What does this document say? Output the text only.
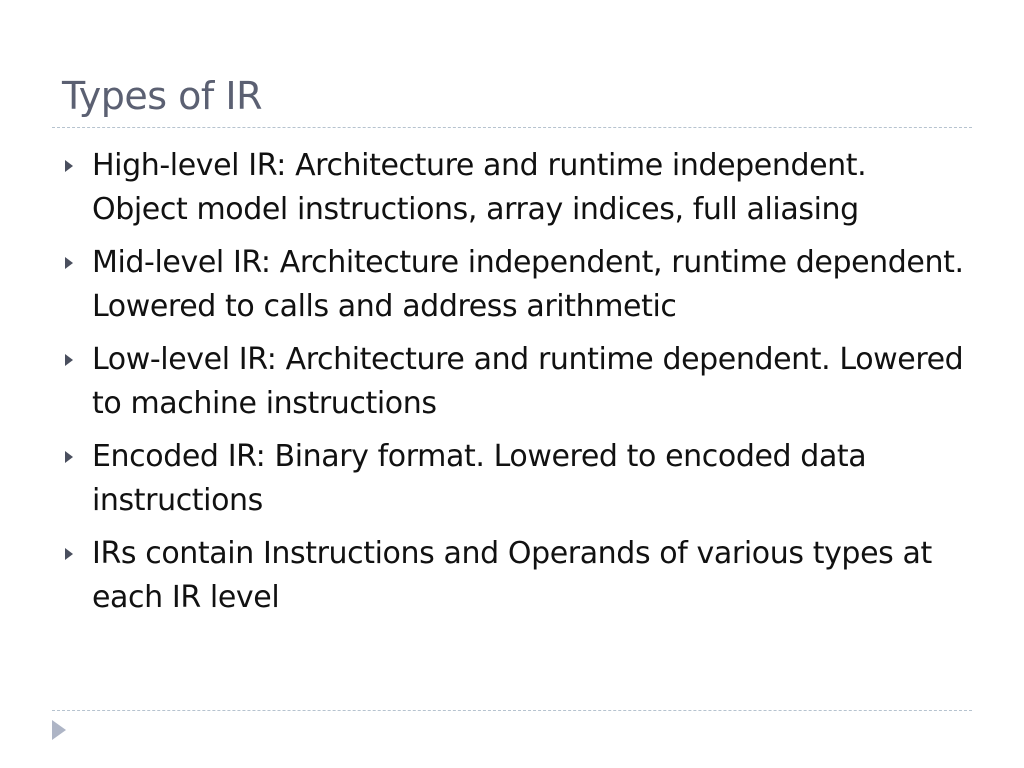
Types of IR
High-level IR: Architecture and runtime independent. Object model instructions, array indices, full aliasing
Mid-level IR: Architecture independent, runtime dependent. Lowered to calls and address arithmetic
Low-level IR: Architecture and runtime dependent. Lowered to machine instructions
Encoded IR: Binary format. Lowered to encoded data instructions
IRs contain Instructions and Operands of various types at each IR level
